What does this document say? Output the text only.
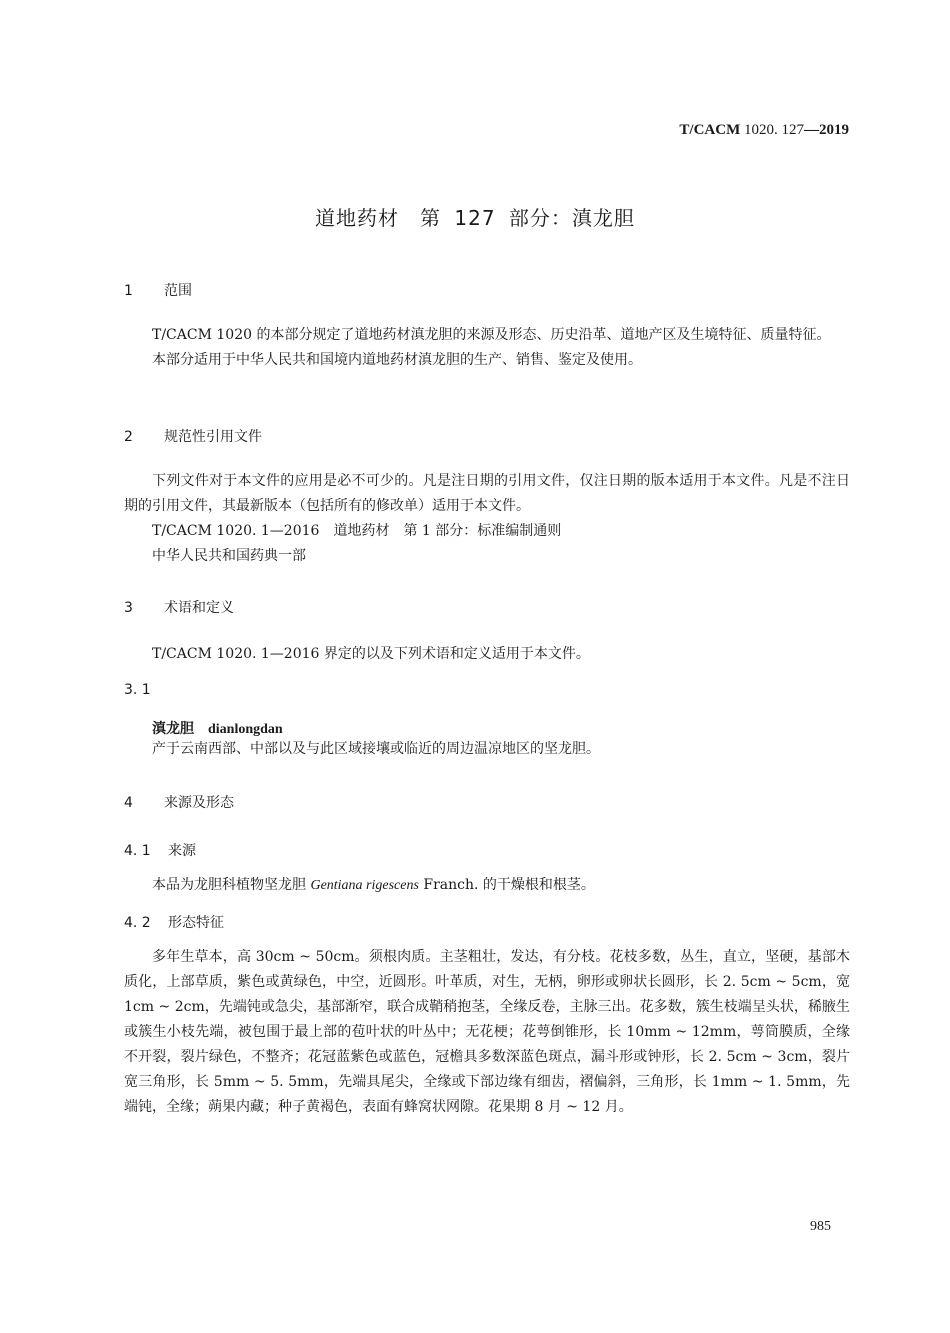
T/CACM 1020. 127—2019
道地药材　第 127 部分：滇龙胆
1 范围

T/CACM 1020 的本部分规定了道地药材滇龙胆的来源及形态、历史沿革、道地产区及生境特征、质量特征。

本部分适用于中华人民共和国境内道地药材滇龙胆的生产、销售、鉴定及使用。

2 规范性引用文件

下列文件对于本文件的应用是必不可少的。凡是注日期的引用文件，仅注日期的版本适用于本文件。凡是不注日期的引用文件，其最新版本（包括所有的修改单）适用于本文件。

T/CACM 1020. 1—2016　道地药材　第 1 部分：标准编制通则

中华人民共和国药典一部

3 术语和定义

T/CACM 1020. 1—2016 界定的以及下列术语和定义适用于本文件。

3. 1
滇龙胆 dianlongdan

产于云南西部、中部以及与此区域接壤或临近的周边温凉地区的坚龙胆。

4 来源及形态
4. 1 来源

本品为龙胆科植物坚龙胆 Gentiana rigescens Franch. 的干燥根和根茎。

4. 2 形态特征

多年生草本，高 30cm ~ 50cm。须根肉质。主茎粗壮，发达，有分枝。花枝多数，丛生，直立，坚硬，基部木质化，上部草质，紫色或黄绿色，中空，近圆形。叶革质，对生，无柄，卵形或卵状长圆形，长 2. 5cm ~ 5cm，宽 1cm ~ 2cm，先端钝或急尖，基部渐窄，联合成鞘稍抱茎，全缘反卷，主脉三出。花多数，簇生枝端呈头状，稀腋生或簇生小枝先端，被包围于最上部的苞叶状的叶丛中；无花梗；花萼倒锥形，长 10mm ~ 12mm，萼筒膜质，全缘不开裂，裂片绿色，不整齐；花冠蓝紫色或蓝色，冠檐具多数深蓝色斑点，漏斗形或钟形，长 2. 5cm ~ 3cm，裂片宽三角形，长 5mm ~ 5. 5mm，先端具尾尖，全缘或下部边缘有细齿，褶偏斜，三角形，长 1mm ~ 1. 5mm，先端钝，全缘；蒴果内藏；种子黄褐色，表面有蜂窝状网隙。花果期 8 月 ~ 12 月。

985
